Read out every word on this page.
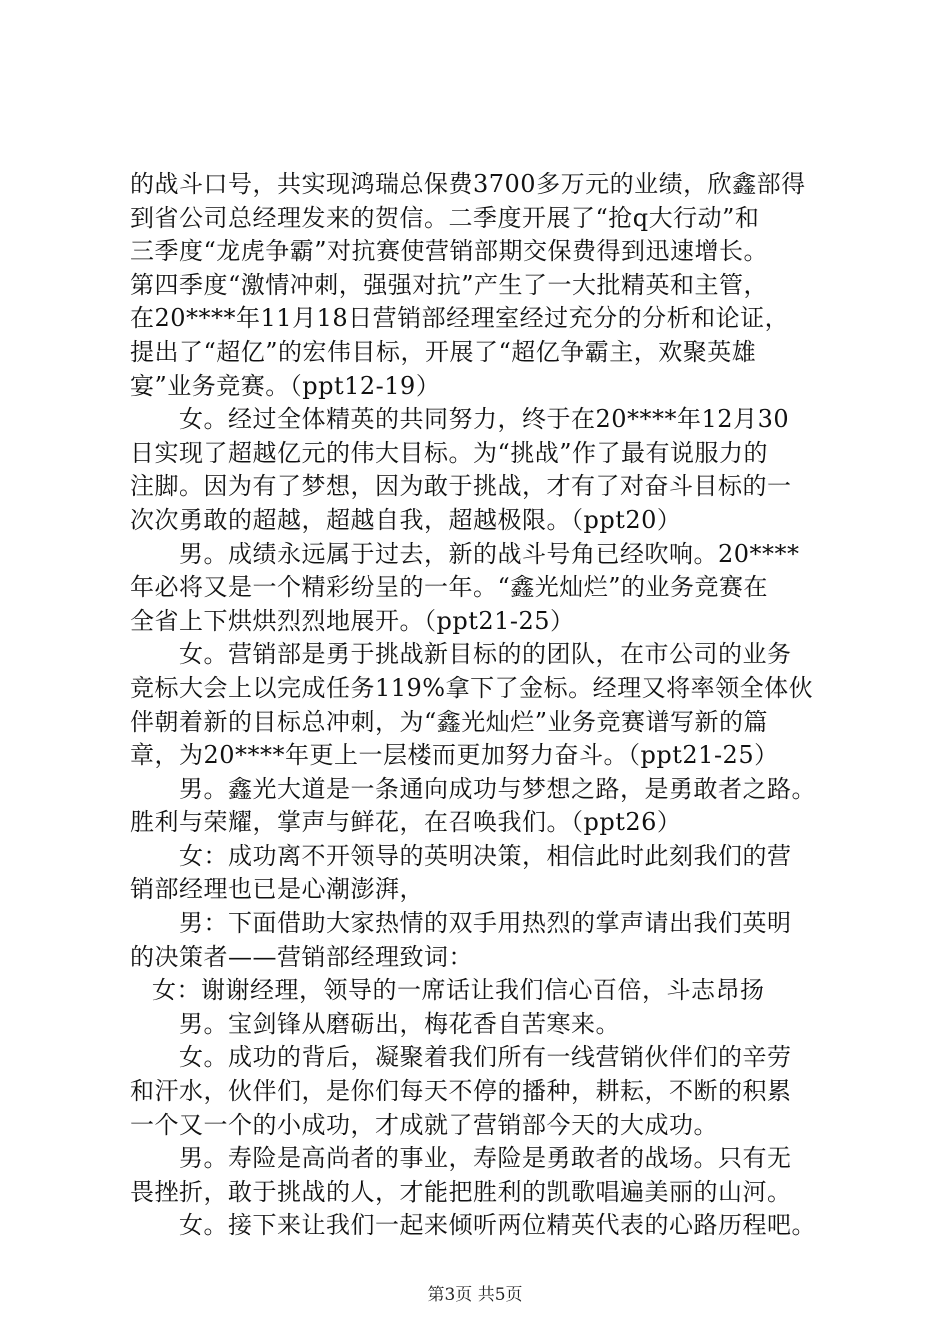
的战斗口号，共实现鸿瑞总保费3700多万元的业绩，欣鑫部得
到省公司总经理发来的贺信。二季度开展了“抢q大行动”和
三季度“龙虎争霸”对抗赛使营销部期交保费得到迅速增长。
第四季度“激情冲刺，强强对抗”产生了一大批精英和主管，
在20****年11月18日营销部经理室经过充分的分析和论证，
提出了“超亿”的宏伟目标，开展了“超亿争霸主，欢聚英雄
宴”业务竞赛。（ppt12-19）
女。经过全体精英的共同努力，终于在20****年12月30
日实现了超越亿元的伟大目标。为“挑战”作了最有说服力的
注脚。因为有了梦想，因为敢于挑战，才有了对奋斗目标的一
次次勇敢的超越，超越自我，超越极限。（ppt20）
男。成绩永远属于过去，新的战斗号角已经吹响。20****
年必将又是一个精彩纷呈的一年。“鑫光灿烂”的业务竞赛在
全省上下烘烘烈烈地展开。（ppt21-25）
女。营销部是勇于挑战新目标的的团队，在市公司的业务
竞标大会上以完成任务119%拿下了金标。经理又将率领全体伙
伴朝着新的目标总冲刺，为“鑫光灿烂”业务竞赛谱写新的篇
章，为20****年更上一层楼而更加努力奋斗。（ppt21-25）
男。鑫光大道是一条通向成功与梦想之路，是勇敢者之路。
胜利与荣耀，掌声与鲜花，在召唤我们。（ppt26）
女：成功离不开领导的英明决策，相信此时此刻我们的营
销部经理也已是心潮澎湃，
男：下面借助大家热情的双手用热烈的掌声请出我们英明
的决策者——营销部经理致词：
女：谢谢经理，领导的一席话让我们信心百倍，斗志昂扬
男。宝剑锋从磨砺出，梅花香自苦寒来。
女。成功的背后，凝聚着我们所有一线营销伙伴们的辛劳
和汗水，伙伴们，是你们每天不停的播种，耕耘，不断的积累
一个又一个的小成功，才成就了营销部今天的大成功。
男。寿险是高尚者的事业，寿险是勇敢者的战场。只有无
畏挫折，敢于挑战的人，才能把胜利的凯歌唱遍美丽的山河。
女。接下来让我们一起来倾听两位精英代表的心路历程吧。
第3页 共5页
